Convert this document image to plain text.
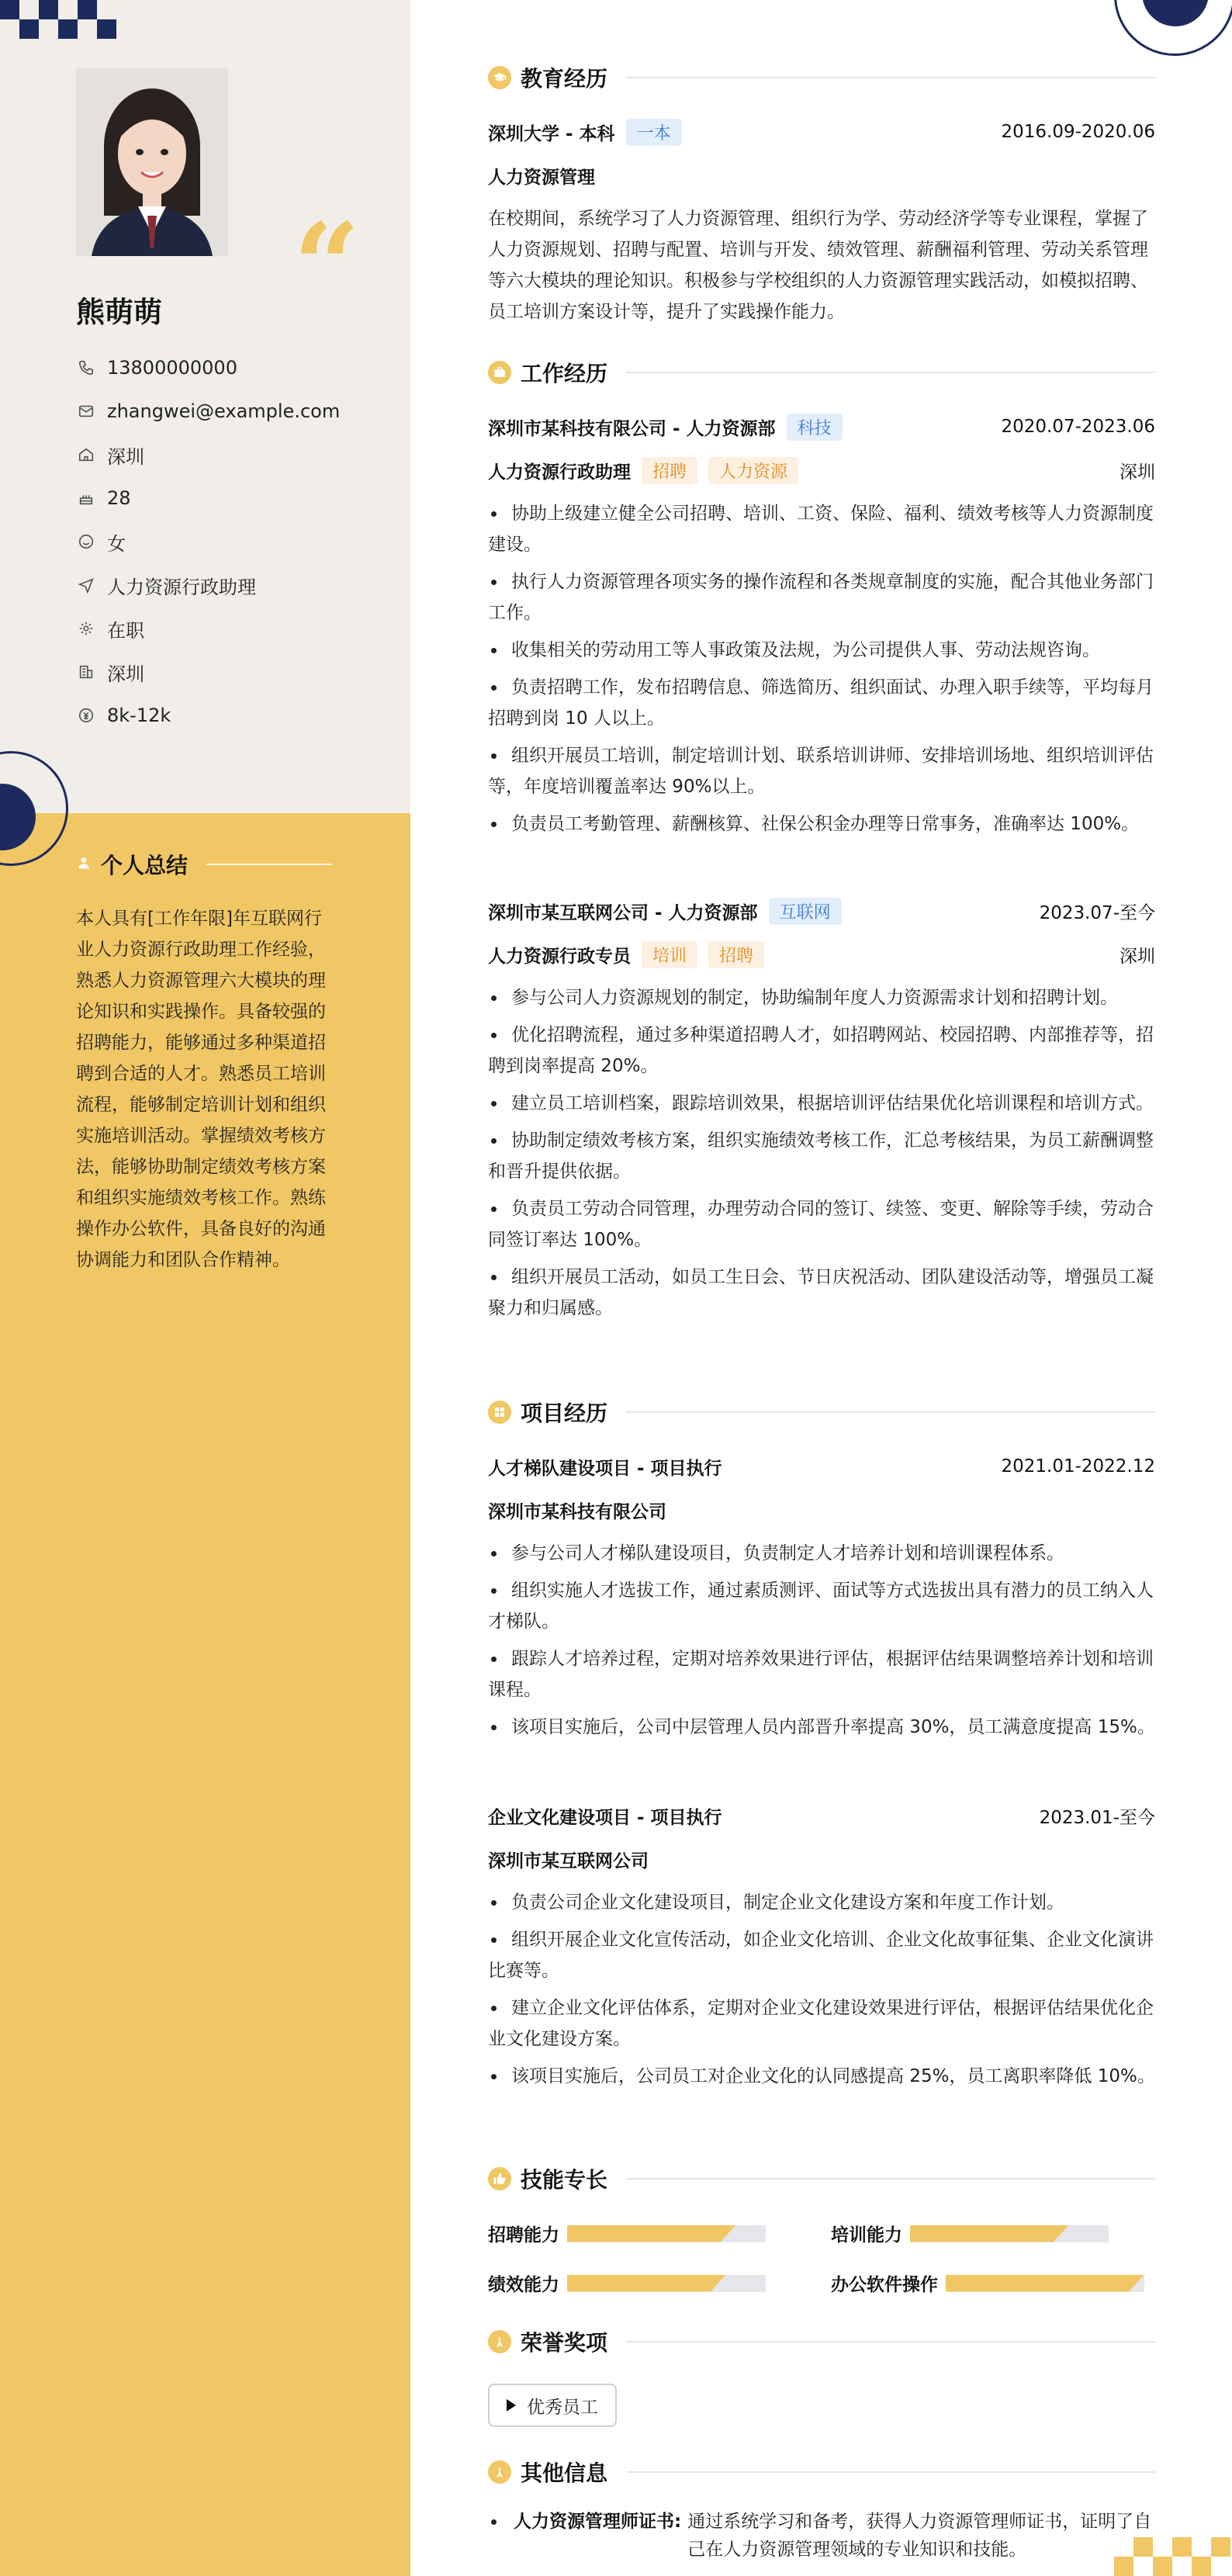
“
熊萌萌
13800000000
zhangwei@example.com
深圳
28
女
人力资源行政助理
在职
深圳
8k-12k
个人总结
本人具有[工作年限]年互联网行业人力资源行政助理工作经验，熟悉人力资源管理六大模块的理论知识和实践操作。具备较强的招聘能力，能够通过多种渠道招聘到合适的人才。熟悉员工培训流程，能够制定培训计划和组织实施培训活动。掌握绩效考核方法，能够协助制定绩效考核方案和组织实施绩效考核工作。熟练操作办公软件，具备良好的沟通协调能力和团队合作精神。
教育经历
深圳大学 - 本科	一本	2016.09-2020.06
人力资源管理
在校期间，系统学习了人力资源管理、组织行为学、劳动经济学等专业课程，掌握了人力资源规划、招聘与配置、培训与开发、绩效管理、薪酬福利管理、劳动关系管理等六大模块的理论知识。积极参与学校组织的人力资源管理实践活动，如模拟招聘、员工培训方案设计等，提升了实践操作能力。
工作经历
深圳市某科技有限公司 - 人力资源部	科技	2020.07-2023.06
人力资源行政助理	招聘	人力资源	深圳
协助上级建立健全公司招聘、培训、工资、保险、福利、绩效考核等人力资源制度建设。
执行人力资源管理各项实务的操作流程和各类规章制度的实施，配合其他业务部门工作。
收集相关的劳动用工等人事政策及法规，为公司提供人事、劳动法规咨询。
负责招聘工作，发布招聘信息、筛选简历、组织面试、办理入职手续等，平均每月招聘到岗 10 人以上。
组织开展员工培训，制定培训计划、联系培训讲师、安排培训场地、组织培训评估等，年度培训覆盖率达 90%以上。
负责员工考勤管理、薪酬核算、社保公积金办理等日常事务，准确率达 100%。
深圳市某互联网公司 - 人力资源部	互联网	2023.07-至今
人力资源行政专员	培训	招聘	深圳
参与公司人力资源规划的制定，协助编制年度人力资源需求计划和招聘计划。
优化招聘流程，通过多种渠道招聘人才，如招聘网站、校园招聘、内部推荐等，招聘到岗率提高 20%。
建立员工培训档案，跟踪培训效果，根据培训评估结果优化培训课程和培训方式。
协助制定绩效考核方案，组织实施绩效考核工作，汇总考核结果，为员工薪酬调整和晋升提供依据。
负责员工劳动合同管理，办理劳动合同的签订、续签、变更、解除等手续，劳动合同签订率达 100%。
组织开展员工活动，如员工生日会、节日庆祝活动、团队建设活动等，增强员工凝聚力和归属感。
项目经历
人才梯队建设项目 - 项目执行	2021.01-2022.12
深圳市某科技有限公司
参与公司人才梯队建设项目，负责制定人才培养计划和培训课程体系。
组织实施人才选拔工作，通过素质测评、面试等方式选拔出具有潜力的员工纳入人才梯队。
跟踪人才培养过程，定期对培养效果进行评估，根据评估结果调整培养计划和培训课程。
该项目实施后，公司中层管理人员内部晋升率提高 30%，员工满意度提高 15%。
企业文化建设项目 - 项目执行	2023.01-至今
深圳市某互联网公司
负责公司企业文化建设项目，制定企业文化建设方案和年度工作计划。
组织开展企业文化宣传活动，如企业文化培训、企业文化故事征集、企业文化演讲比赛等。
建立企业文化评估体系，定期对企业文化建设效果进行评估，根据评估结果优化企业文化建设方案。
该项目实施后，公司员工对企业文化的认同感提高 25%，员工离职率降低 10%。
技能专长
招聘能力	培训能力
绩效能力	办公软件操作
荣誉奖项
优秀员工
其他信息
人力资源管理师证书: 通过系统学习和备考，获得人力资源管理师证书，证明了自己在人力资源管理领域的专业知识和技能。
